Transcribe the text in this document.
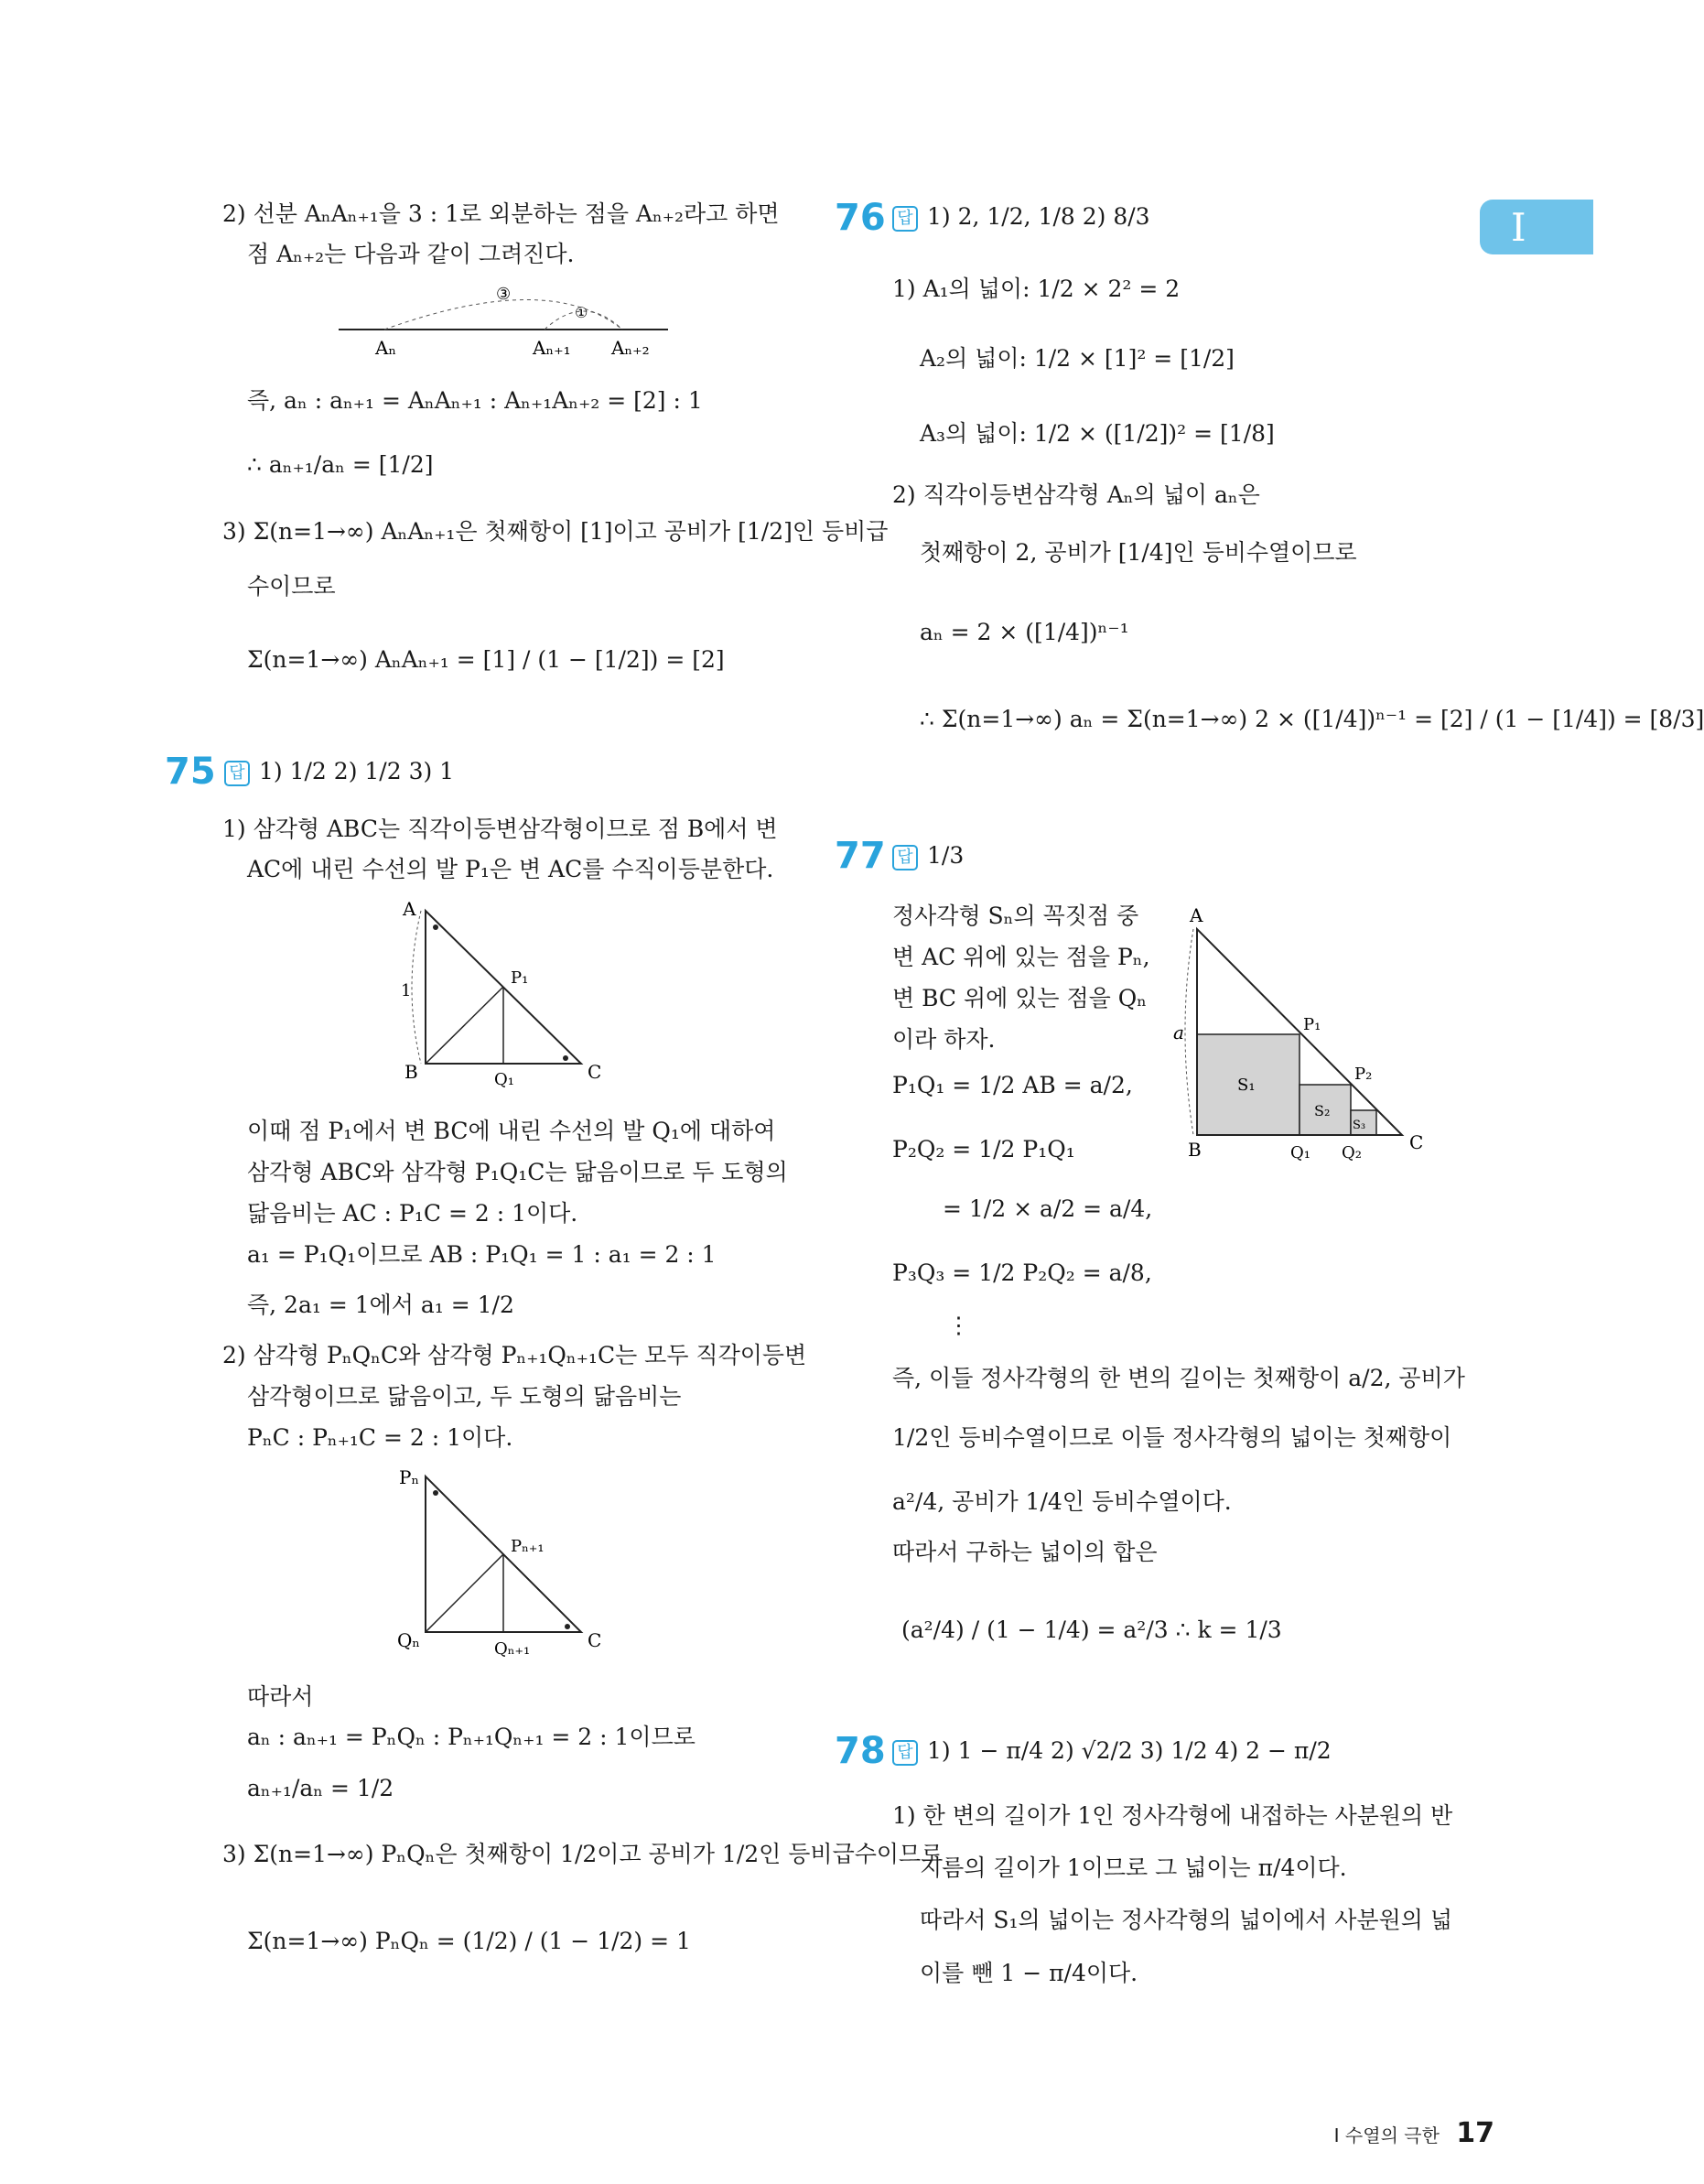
I
2) 선분 AₙAₙ₊₁을 3 : 1로 외분하는 점을 Aₙ₊₂라고 하면
점 Aₙ₊₂는 다음과 같이 그려진다.
③
①
Aₙ	Aₙ₊₁ Aₙ₊₂
즉, aₙ : aₙ₊₁ = AₙAₙ₊₁ : Aₙ₊₁Aₙ₊₂ = [2] : 1
∴ aₙ₊₁/aₙ = [1/2]
3) Σ(n=1→∞) AₙAₙ₊₁은 첫째항이 [1]이고 공비가 [1/2]인 등비급
수이므로
Σ(n=1→∞) AₙAₙ₊₁ = [1] / (1 − [1/2]) = [2]
75 답 1) 1/2 2) 1/2 3) 1
1) 삼각형 ABC는 직각이등변삼각형이므로 점 B에서 변
AC에 내린 수선의 발 P₁은 변 AC를 수직이등분한다.
A
B	C
P₁
Q₁
1
이때 점 P₁에서 변 BC에 내린 수선의 발 Q₁에 대하여
삼각형 ABC와 삼각형 P₁Q₁C는 닮음이므로 두 도형의
닮음비는 AC : P₁C = 2 : 1이다.
a₁ = P₁Q₁이므로 AB : P₁Q₁ = 1 : a₁ = 2 : 1
즉, 2a₁ = 1에서 a₁ = 1/2
2) 삼각형 PₙQₙC와 삼각형 Pₙ₊₁Qₙ₊₁C는 모두 직각이등변
삼각형이므로 닮음이고, 두 도형의 닮음비는
PₙC : Pₙ₊₁C = 2 : 1이다.
Pₙ
Pₙ₊₁
Qₙ	Qₙ₊₁	C
따라서
aₙ : aₙ₊₁ = PₙQₙ : Pₙ₊₁Qₙ₊₁ = 2 : 1이므로
aₙ₊₁/aₙ = 1/2
3) Σ(n=1→∞) PₙQₙ은 첫째항이 1/2이고 공비가 1/2인 등비급수이므로
Σ(n=1→∞) PₙQₙ = (1/2) / (1 − 1/2) = 1
76 답 1) 2, 1/2, 1/8 2) 8/3
1) A₁의 넓이: 1/2 × 2² = 2
A₂의 넓이: 1/2 × [1]² = [1/2]
A₃의 넓이: 1/2 × ([1/2])² = [1/8]
2) 직각이등변삼각형 Aₙ의 넓이 aₙ은
첫째항이 2, 공비가 [1/4]인 등비수열이므로
aₙ = 2 × ([1/4])ⁿ⁻¹
∴ Σ(n=1→∞) aₙ = Σ(n=1→∞) 2 × ([1/4])ⁿ⁻¹ = [2] / (1 − [1/4]) = [8/3]
77 답 1/3
정사각형 Sₙ의 꼭짓점 중
변 AC 위에 있는 점을 Pₙ,
변 BC 위에 있는 점을 Qₙ
이라 하자.
A
B	C
a	P₁
P₂
Q₁ Q₂
S₁
S₂
S₃
P₁Q₁ = 1/2 AB = a/2,
P₂Q₂ = 1/2 P₁Q₁
= 1/2 × a/2 = a/4,
P₃Q₃ = 1/2 P₂Q₂ = a/8,
⋮
즉, 이들 정사각형의 한 변의 길이는 첫째항이 a/2, 공비가
1/2인 등비수열이므로 이들 정사각형의 넓이는 첫째항이
a²/4, 공비가 1/4인 등비수열이다.
따라서 구하는 넓이의 합은
(a²/4) / (1 − 1/4) = a²/3 ∴ k = 1/3
78 답 1) 1 − π/4 2) √2/2 3) 1/2 4) 2 − π/2
1) 한 변의 길이가 1인 정사각형에 내접하는 사분원의 반
지름의 길이가 1이므로 그 넓이는 π/4이다.
따라서 S₁의 넓이는 정사각형의 넓이에서 사분원의 넓
이를 뺀 1 − π/4이다.
I 수열의 극한 17
